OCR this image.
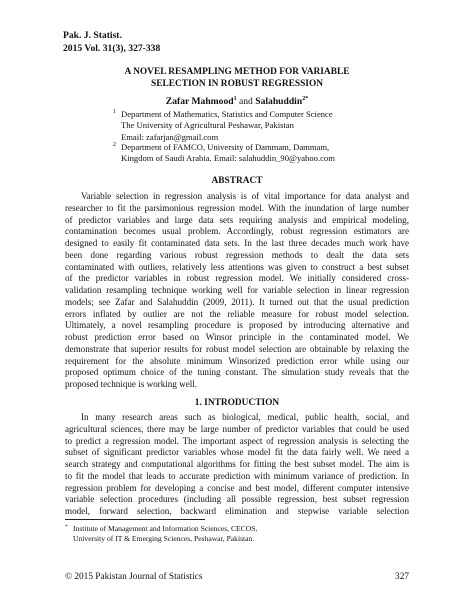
Pak. J. Statist.
2015 Vol. 31(3), 327-338
A NOVEL RESAMPLING METHOD FOR VARIABLE
SELECTION IN ROBUST REGRESSION
Zafar Mahmood$^1$ and Salahuddin$^{2*}$
1 Department of Mathematics, Statistics and Computer Science
The University of Agricultural Peshawar, Pakistan
Email: zafarjan@gmail.com
2 Department of FAMCO, University of Dammam, Dammam,
Kingdom of Saudi Arabia. Email: salahuddin_90@yahoo.com
ABSTRACT
Variable selection in regression analysis is of vital importance for data analyst and
researcher to fit the parsimonious regression model. With the inundation of large number
of predictor variables and large data sets requiring analysis and empirical modeling,
contamination becomes usual problem. Accordingly, robust regression estimators are
designed to easily fit contaminated data sets. In the last three decades much work have
been done regarding various robust regression methods to dealt the data sets
contaminated with outliers, relatively less attentions was given to construct a best subset
of the predictor variables in robust regression model. We initially considered cross-
validation resampling technique working well for variable selection in linear regression
models; see Zafar and Salahuddin (2009, 2011). It turned out that the usual prediction
errors inflated by outlier are not the reliable measure for robust model selection.
Ultimately, a novel resampling procedure is proposed by introducing alternative and
robust prediction error based on Winsor principle in the contaminated model. We
demonstrate that superior results for robust model selection are obtainable by relaxing the
requirement for the absolute minimum Winsorized prediction error while using our
proposed optimum choice of the tuning constant. The simulation study reveals that the
proposed technique is working well.
1. INTRODUCTION
In many research areas such as biological, medical, public health, social, and
agricultural sciences, there may be large number of predictor variables that could be used
to predict a regression model. The important aspect of regression analysis is selecting the
subset of significant predictor variables whose model fit the data fairly well. We need a
search strategy and computational algorithms for fitting the best subset model. The aim is
to fit the model that leads to accurate prediction with minimum variance of prediction. In
regression problem for developing a concise and best model, different computer intensive
variable selection procedures (including all possible regression, best subset regression
model, forward selection, backward elimination and stepwise variable selection
* Institute of Management and Information Sciences, CECOS,
University of IT & Emerging Sciences, Peshawar, Pakistan.
© 2015 Pakistan Journal of Statistics	327
